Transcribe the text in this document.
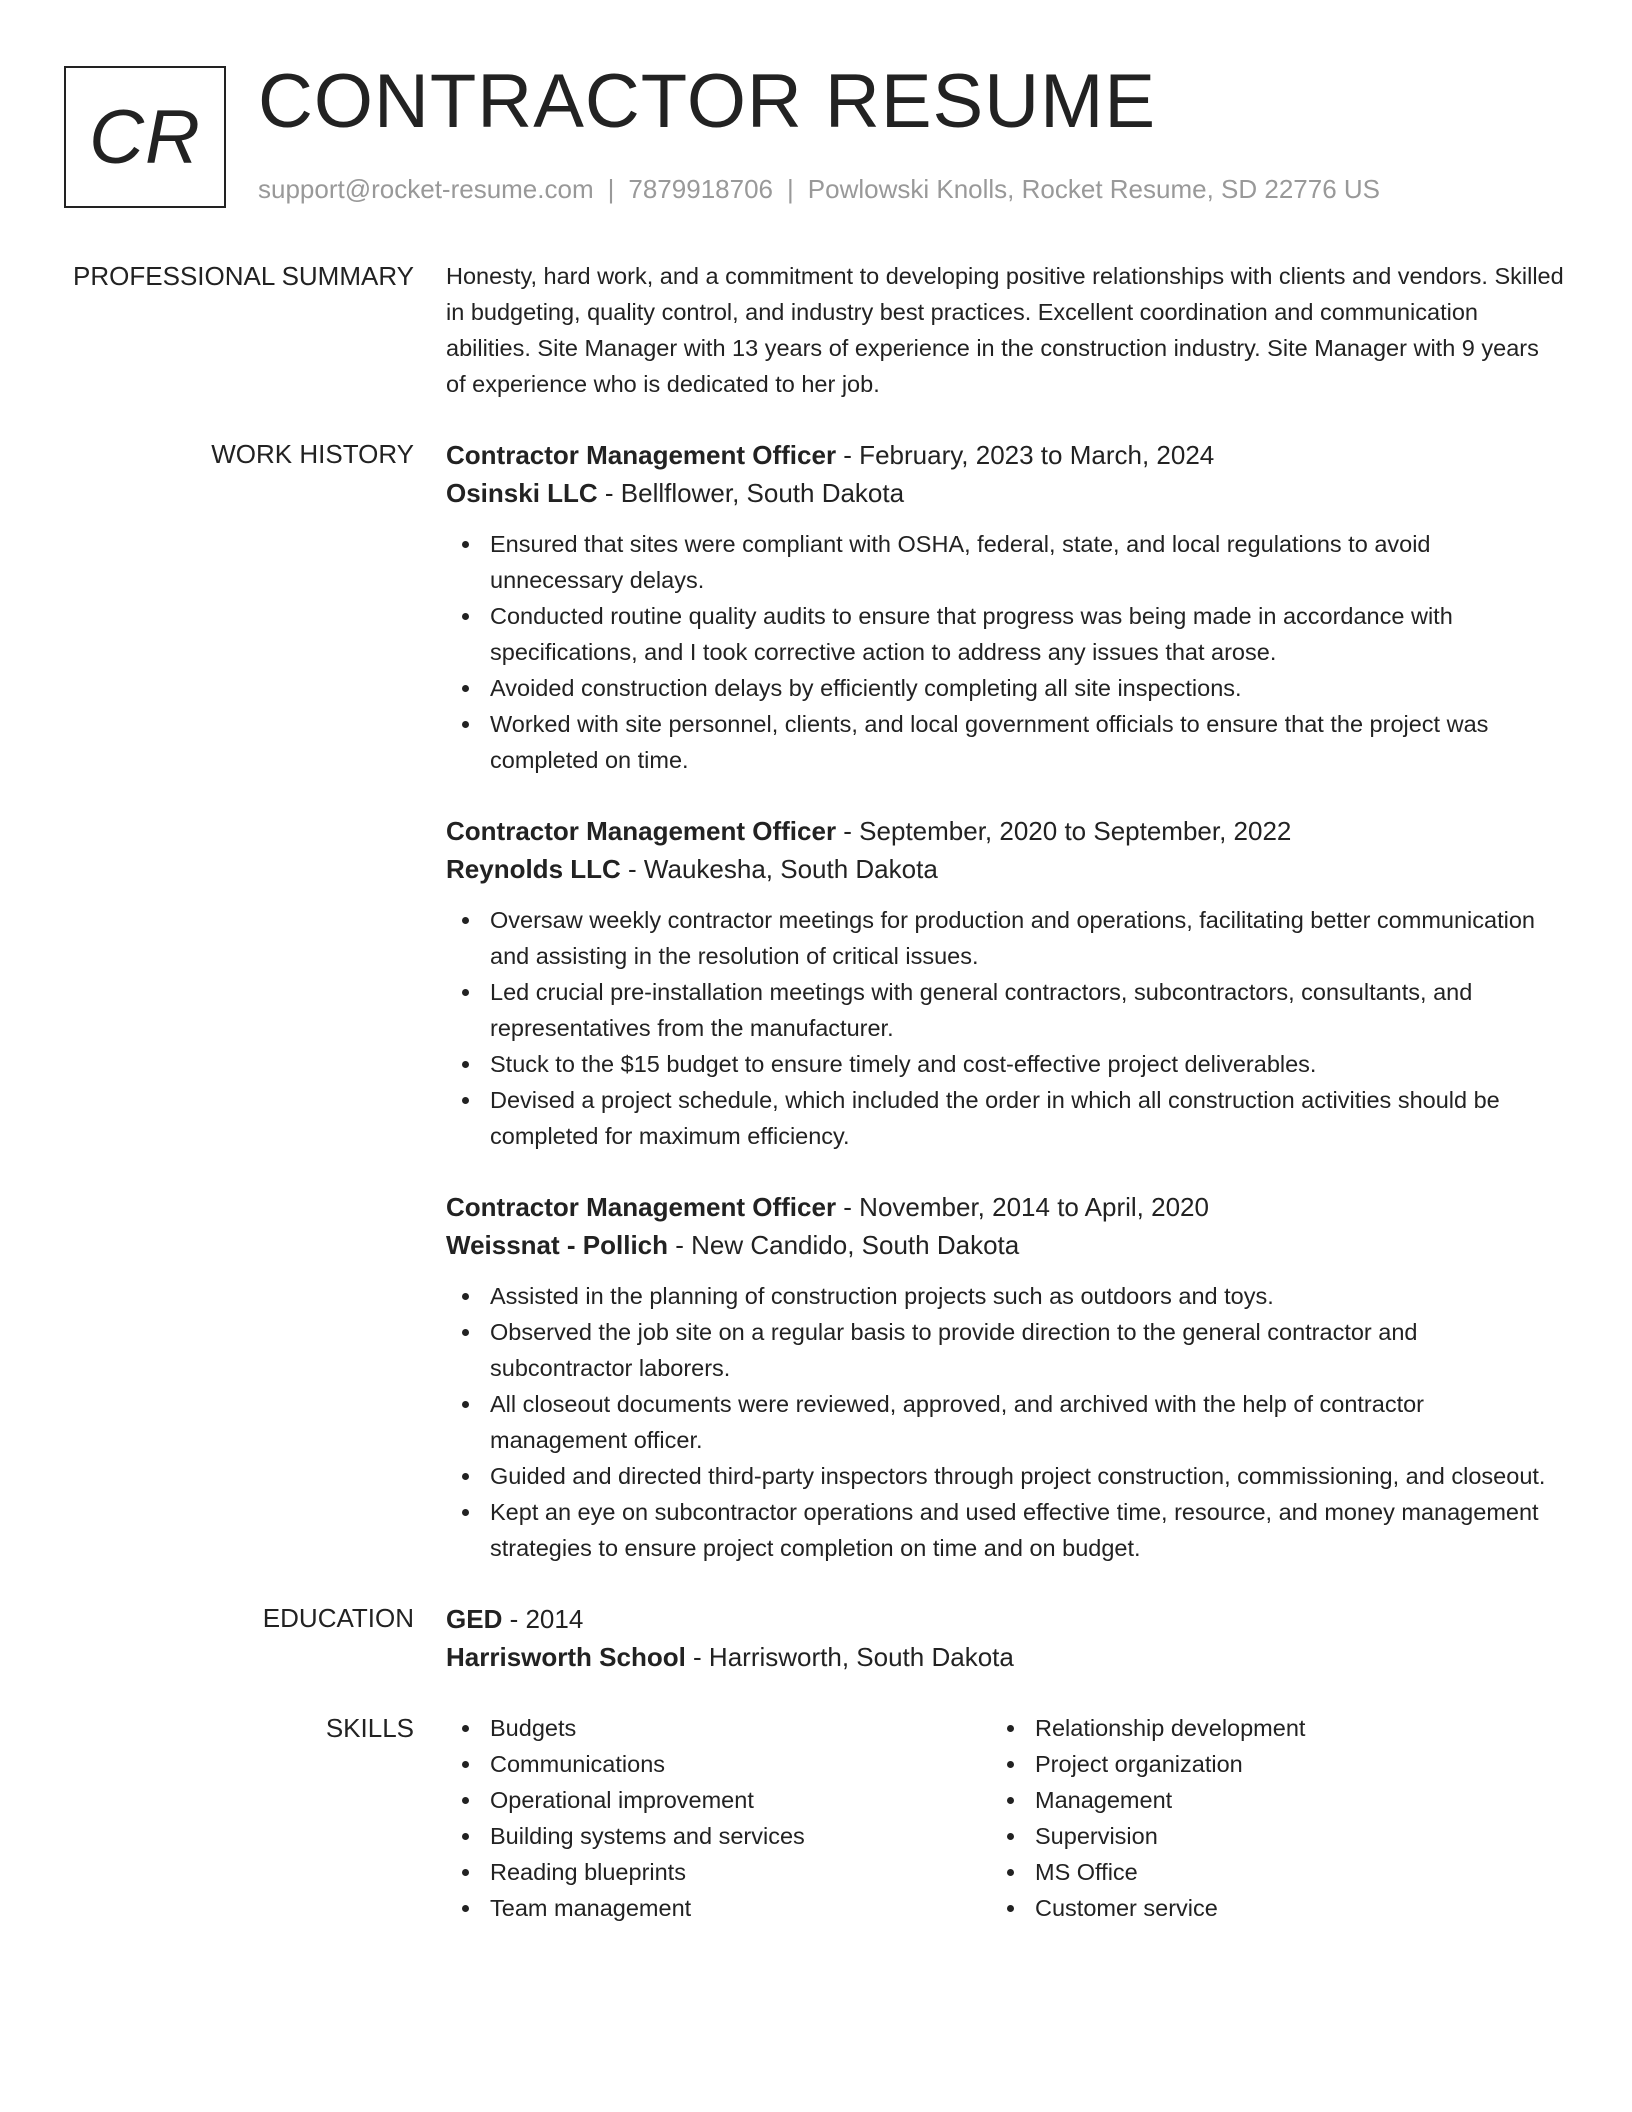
CR CONTRACTOR RESUME
support@rocket-resume.com | 7879918706 | Powlowski Knolls, Rocket Resume, SD 22776 US
PROFESSIONAL SUMMARY Honesty, hard work, and a commitment to developing positive relationships with clients and vendors. Skilled in budgeting, quality control, and industry best practices. Excellent coordination and communication abilities. Site Manager with 13 years of experience in the construction industry. Site Manager with 9 years of experience who is dedicated to her job.
WORK HISTORY Contractor Management Officer - February, 2023 to March, 2024
Osinski LLC - Bellflower, South Dakota
Ensured that sites were compliant with OSHA, federal, state, and local regulations to avoid unnecessary delays.
Conducted routine quality audits to ensure that progress was being made in accordance with specifications, and I took corrective action to address any issues that arose.
Avoided construction delays by efficiently completing all site inspections.
Worked with site personnel, clients, and local government officials to ensure that the project was completed on time.
Contractor Management Officer - September, 2020 to September, 2022
Reynolds LLC - Waukesha, South Dakota
Oversaw weekly contractor meetings for production and operations, facilitating better communication and assisting in the resolution of critical issues.
Led crucial pre-installation meetings with general contractors, subcontractors, consultants, and representatives from the manufacturer.
Stuck to the $15 budget to ensure timely and cost-effective project deliverables.
Devised a project schedule, which included the order in which all construction activities should be completed for maximum efficiency.
Contractor Management Officer - November, 2014 to April, 2020
Weissnat - Pollich - New Candido, South Dakota
Assisted in the planning of construction projects such as outdoors and toys.
Observed the job site on a regular basis to provide direction to the general contractor and subcontractor laborers.
All closeout documents were reviewed, approved, and archived with the help of contractor management officer.
Guided and directed third-party inspectors through project construction, commissioning, and closeout.
Kept an eye on subcontractor operations and used effective time, resource, and money management strategies to ensure project completion on time and on budget.
EDUCATION GED - 2014
Harrisworth School - Harrisworth, South Dakota
SKILLS	Budgets
Communications
Operational improvement
Building systems and services
Reading blueprints
Team management
Relationship development
Project organization
Management
Supervision
MS Office
Customer service
